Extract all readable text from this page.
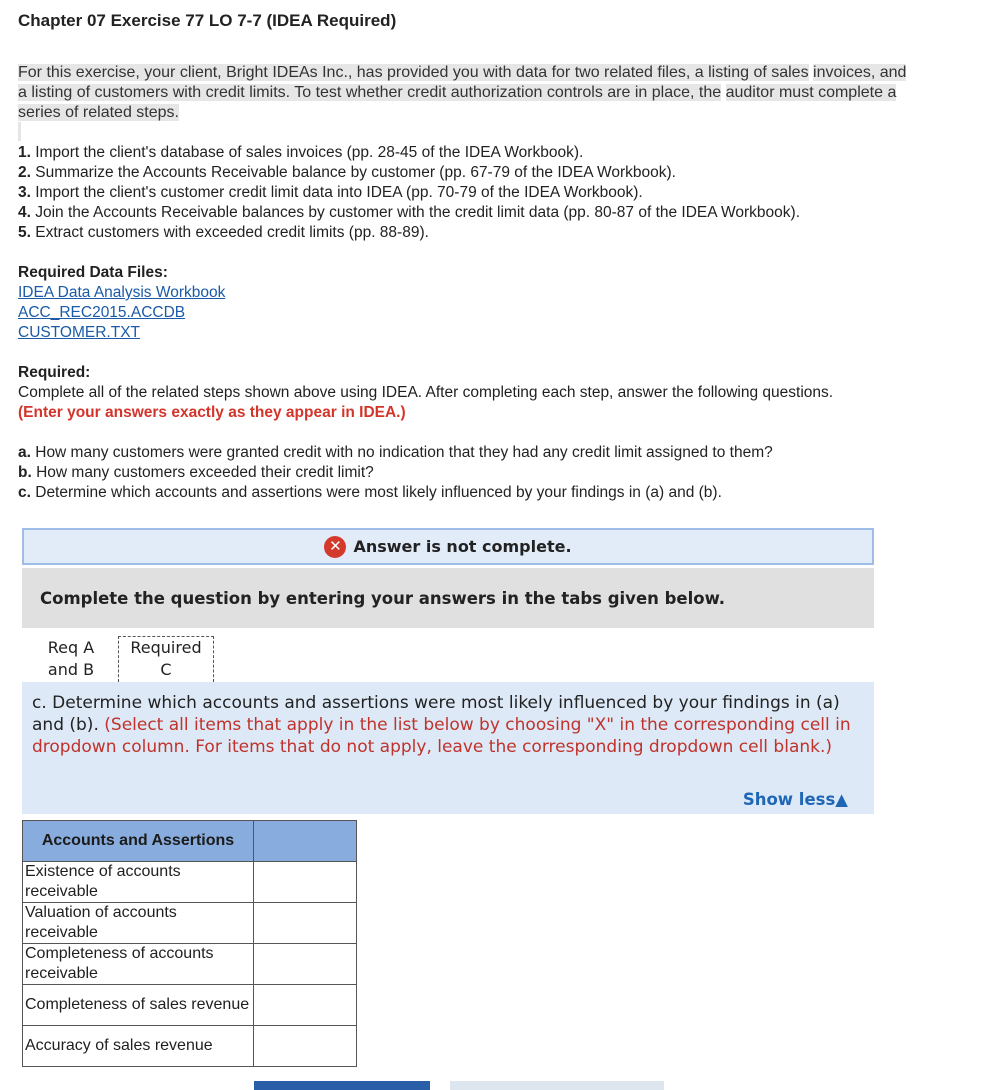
Chapter 07 Exercise 77 LO 7-7 (IDEA Required)
For this exercise, your client, Bright IDEAs Inc., has provided you with data for two related files, a listing of sales invoices, and a listing of customers with credit limits. To test whether credit authorization controls are in place, the auditor must complete a series of related steps.
1. Import the client's database of sales invoices (pp. 28-45 of the IDEA Workbook).
2. Summarize the Accounts Receivable balance by customer (pp. 67-79 of the IDEA Workbook).
3. Import the client's customer credit limit data into IDEA (pp. 70-79 of the IDEA Workbook).
4. Join the Accounts Receivable balances by customer with the credit limit data (pp. 80-87 of the IDEA Workbook).
5. Extract customers with exceeded credit limits (pp. 88-89).
Required Data Files:
IDEA Data Analysis Workbook
ACC_REC2015.ACCDB
CUSTOMER.TXT
Required:
Complete all of the related steps shown above using IDEA. After completing each step, answer the following questions.
(Enter your answers exactly as they appear in IDEA.)
a. How many customers were granted credit with no indication that they had any credit limit assigned to them?
b. How many customers exceeded their credit limit?
c. Determine which accounts and assertions were most likely influenced by your findings in (a) and (b).
✕ Answer is not complete.
Complete the question by entering your answers in the tabs given below.
Req A
and B
Required
C
c. Determine which accounts and assertions were most likely influenced by your findings in (a) and (b). (Select all items that apply in the list below by choosing "X" in the corresponding cell in dropdown column. For items that do not apply, leave the corresponding dropdown cell blank.)
Show less▲
Accounts and Assertions	
Existence of accounts receivable	
Valuation of accounts receivable	
Completeness of accounts receivable	
Completeness of sales revenue	
Accuracy of sales revenue	
